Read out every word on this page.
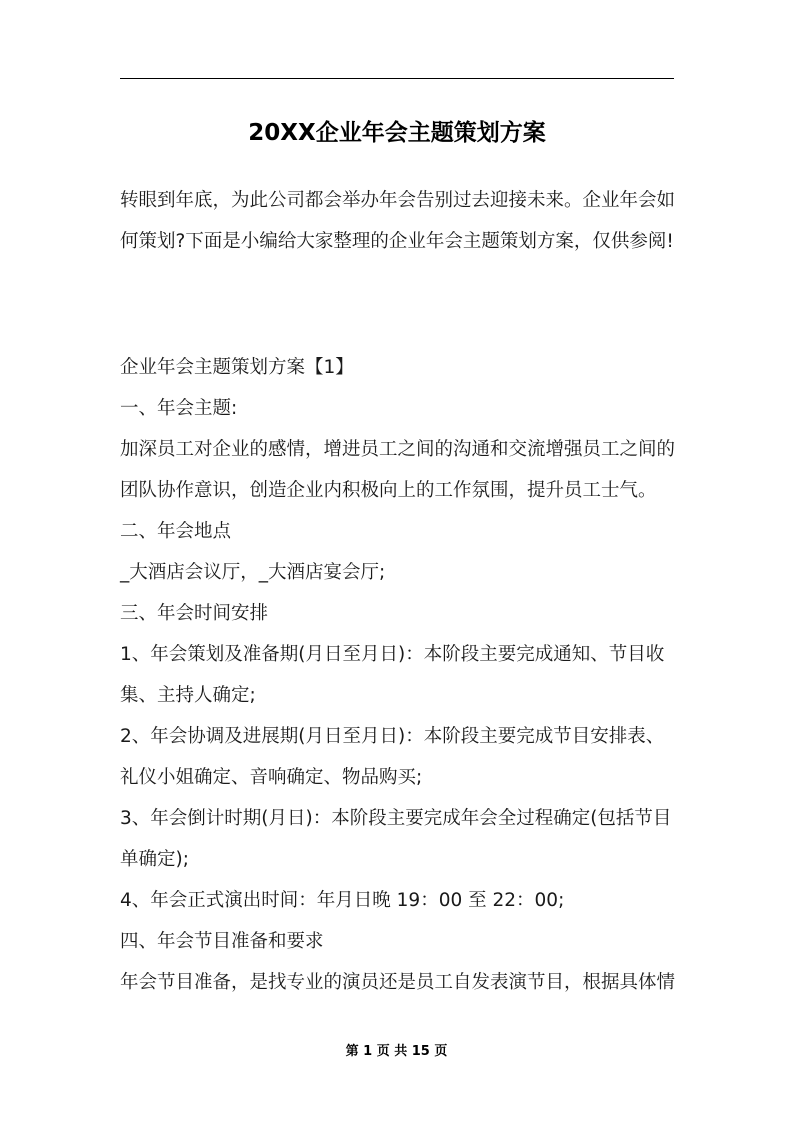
20XX企业年会主题策划方案
转眼到年底，为此公司都会举办年会告别过去迎接未来。企业年会如
何策划?下面是小编给大家整理的企业年会主题策划方案，仅供参阅!
企业年会主题策划方案【1】
一、年会主题:
加深员工对企业的感情，增进员工之间的沟通和交流增强员工之间的
团队协作意识，创造企业内积极向上的工作氛围，提升员工士气。
二、年会地点
_大酒店会议厅，_大酒店宴会厅;
三、年会时间安排
1、年会策划及准备期(月日至月日)：本阶段主要完成通知、节目收
集、主持人确定;
2、年会协调及进展期(月日至月日)：本阶段主要完成节目安排表、
礼仪小姐确定、音响确定、物品购买;
3、年会倒计时期(月日)：本阶段主要完成年会全过程确定(包括节目
单确定);
4、年会正式演出时间：年月日晚 19：00 至 22：00;
四、年会节目准备和要求
年会节目准备，是找专业的演员还是员工自发表演节目，根据具体情
第 1 页 共 15 页
